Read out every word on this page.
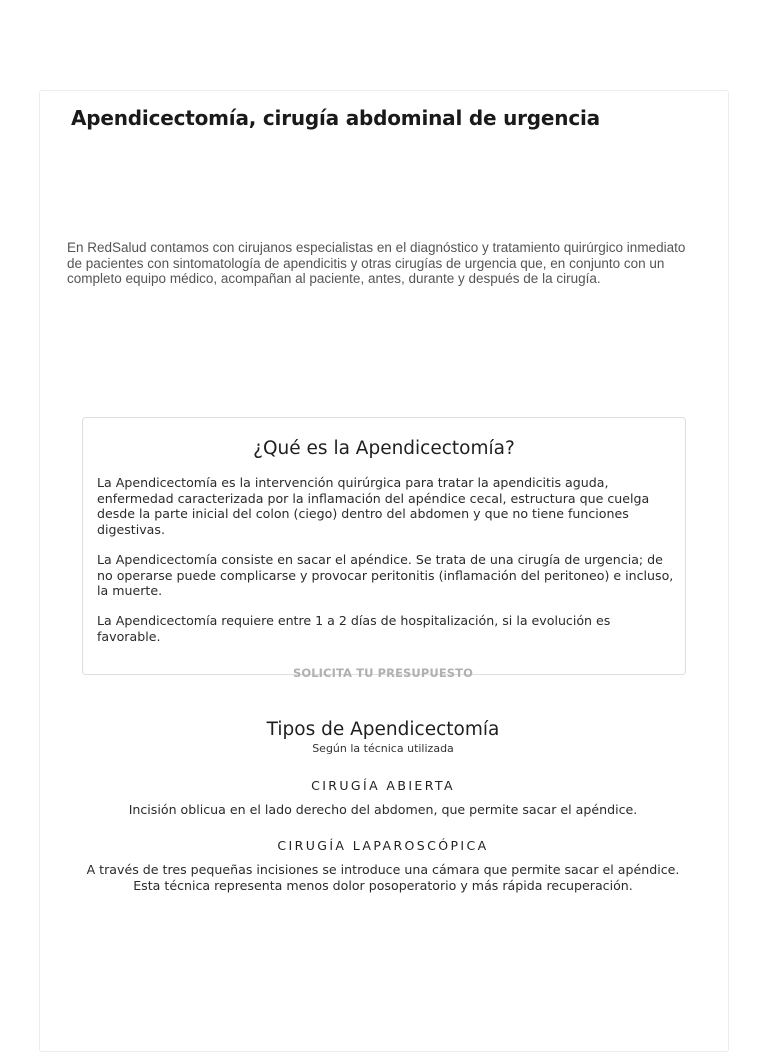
Apendicectomía, cirugía abdominal de urgencia

En RedSalud contamos con cirujanos especialistas en el diagnóstico y tratamiento quirúrgico inmediato de pacientes con sintomatología de apendicitis y otras cirugías de urgencia que, en conjunto con un completo equipo médico, acompañan al paciente, antes, durante y después de la cirugía.

¿Qué es la Apendicectomía?

La Apendicectomía es la intervención quirúrgica para tratar la apendicitis aguda, enfermedad caracterizada por la inflamación del apéndice cecal, estructura que cuelga desde la parte inicial del colon (ciego) dentro del abdomen y que no tiene funciones digestivas.

La Apendicectomía consiste en sacar el apéndice. Se trata de una cirugía de urgencia; de no operarse puede complicarse y provocar peritonitis (inflamación del peritoneo) e incluso, la muerte.

La Apendicectomía requiere entre 1 a 2 días de hospitalización, si la evolución es favorable.

SOLICITA TU PRESUPUESTO
Tipos de Apendicectomía
Según la técnica utilizada
CIRUGÍA ABIERTA

Incisión oblicua en el lado derecho del abdomen, que permite sacar el apéndice.

CIRUGÍA LAPAROSCÓPICA

A través de tres pequeñas incisiones se introduce una cámara que permite sacar el apéndice. Esta técnica representa menos dolor posoperatorio y más rápida recuperación.
